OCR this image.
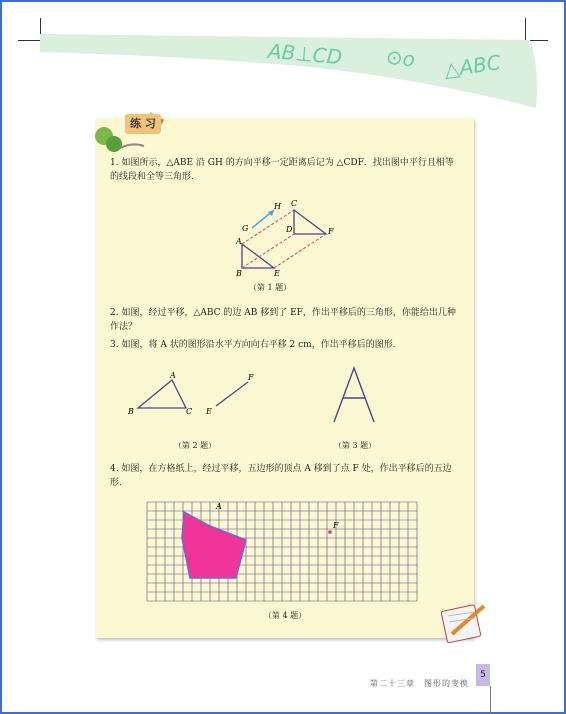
AB⊥CD ⊙o △ABC
练 习
1. 如图所示，△ABE 沿 GH 的方向平移一定距离后记为 △CDF．找出图中平行且相等的线段和全等三角形．
A
B
C
D
E
F
G
H
（第 1 题）
2. 如图，经过平移，△ABC 的边 AB 移到了 EF，作出平移后的三角形，你能给出几种作法？
3. 如图，将 A 状的图形沿水平方向向右平移 2 cm，作出平移后的图形．
B
A
C E
F
（第 2 题）	（第 3 题）
4. 如图，在方格纸上，经过平移，五边形的顶点 A 移到了点 F 处，作出平移后的五边形．
A
F
（第 4 题）
第二十三章　图形的变换
5
